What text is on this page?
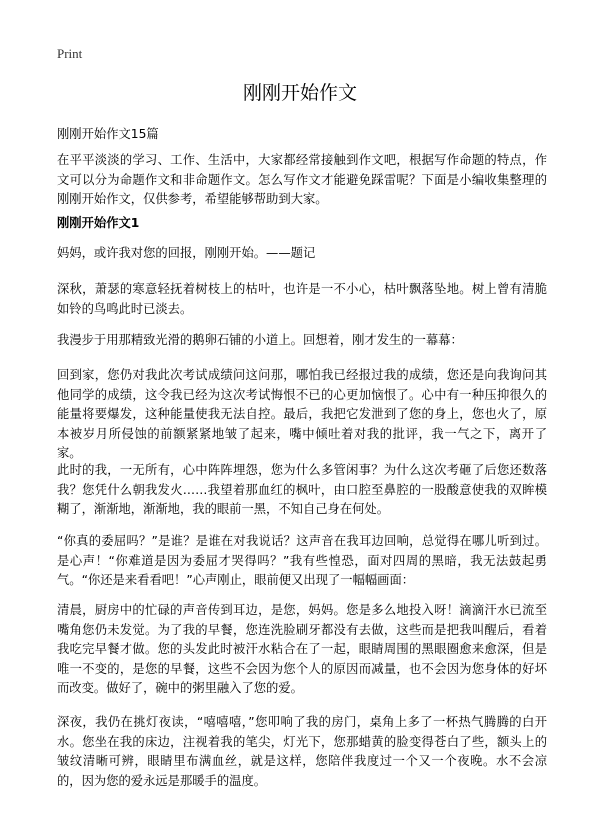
Print
刚刚开始作文

刚刚开始作文15篇

在平平淡淡的学习、工作、生活中，大家都经常接触到作文吧，根据写作命题的特点，作文可以分为命题作文和非命题作文。怎么写作文才能避免踩雷呢？下面是小编收集整理的刚刚开始作文，仅供参考，希望能够帮助到大家。

刚刚开始作文1

妈妈，或许我对您的回报，刚刚开始。——题记

深秋，萧瑟的寒意轻抚着树枝上的枯叶，也许是一不小心，枯叶飘落坠地。树上曾有清脆如铃的鸟鸣此时已淡去。

我漫步于用那精致光滑的鹅卵石铺的小道上。回想着，刚才发生的一幕幕：

回到家，您仍对我此次考试成绩问这问那，哪怕我已经报过我的成绩，您还是向我询问其他同学的成绩，这令我已经为这次考试悔恨不已的心更加恼恨了。心中有一种压抑很久的能量将要爆发，这种能量使我无法自控。最后，我把它发泄到了您的身上，您也火了，原本被岁月所侵蚀的前额紧紧地皱了起来，嘴中倾吐着对我的批评，我一气之下，离开了家。

此时的我，一无所有，心中阵阵埋怨，您为什么多管闲事？为什么这次考砸了后您还数落我？您凭什么朝我发火……我望着那血红的枫叶，由口腔至鼻腔的一股酸意使我的双眸模糊了，渐渐地，渐渐地，我的眼前一黑，不知自己身在何处。

“你真的委屈吗？”是谁？是谁在对我说话？这声音在我耳边回响，总觉得在哪儿听到过。是心声！“你难道是因为委屈才哭得吗？”我有些惶恐，面对四周的黑暗，我无法鼓起勇气。“你还是来看看吧！”心声刚止，眼前便又出现了一幅幅画面：

清晨，厨房中的忙碌的声音传到耳边，是您，妈妈。您是多么地投入呀！滴滴汗水已流至嘴角您仍未发觉。为了我的早餐，您连洗脸刷牙都没有去做，这些而是把我叫醒后，看着我吃完早餐才做。您的头发此时被汗水粘合在了一起，眼睛周围的黑眼圈愈来愈深，但是唯一不变的，是您的早餐，这些不会因为您个人的原因而减量，也不会因为您身体的好坏而改变。做好了，碗中的粥里融入了您的爱。

深夜，我仍在挑灯夜读，“嘻嘻嘻，”您叩响了我的房门，桌角上多了一杯热气腾腾的白开水。您坐在我的床边，注视着我的笔尖，灯光下，您那蜡黄的脸变得苍白了些，额头上的皱纹清晰可辨，眼睛里布满血丝，就是这样，您陪伴我度过一个又一个夜晚。水不会凉的，因为您的爱永远是那暖手的温度。
